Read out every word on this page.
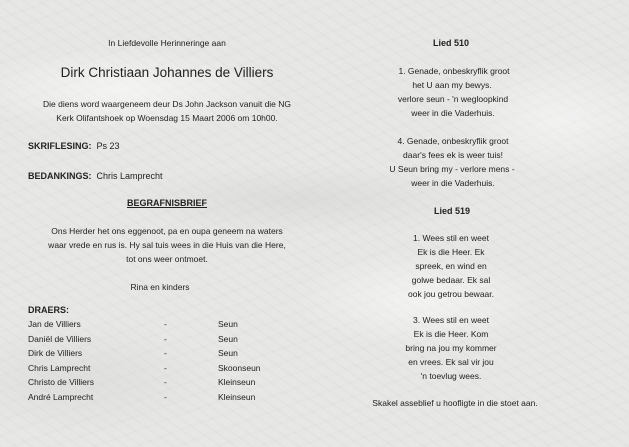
In Liefdevolle Herinneringe aan
Dirk Christiaan Johannes de Villiers
Die diens word waargeneem deur Ds John Jackson vanuit die NG
Kerk Olifantshoek op Woensdag 15 Maart 2006 om 10h00.
SKRIFLESING: Ps 23
BEDANKINGS: Chris Lamprecht
BEGRAFNISBRIEF
Ons Herder het ons eggenoot, pa en oupa geneem na waters
waar vrede en rus is. Hy sal tuis wees in die Huis van die Here,
tot ons weer ontmoet.
Rina en kinders
DRAERS:
Jan de Villiers	-	Seun
Daniël de Villiers	-	Seun
Dirk de Villiers	-	Seun
Chris Lamprecht	-	Skoonseun
Christo de Villiers	-	Kleinseun
André Lamprecht	-	Kleinseun
Lied 510
1. Genade, onbeskryflik groot
het U aan my bewys.
verlore seun - 'n wegloopkind
weer in die Vaderhuis.
4. Genade, onbeskryflik groot
daar's fees ek is weer tuis!
U Seun bring my - verlore mens -
weer in die Vaderhuis.
Lied 519
1. Wees stil en weet
Ek is die Heer. Ek
spreek, en wind en
golwe bedaar. Ek sal
ook jou getrou bewaar.
3. Wees stil en weet
Ek is die Heer. Kom
bring na jou my kommer
en vrees. Ek sal vir jou
'n toevlug wees.
Skakel asseblief u hoofligte in die stoet aan.
